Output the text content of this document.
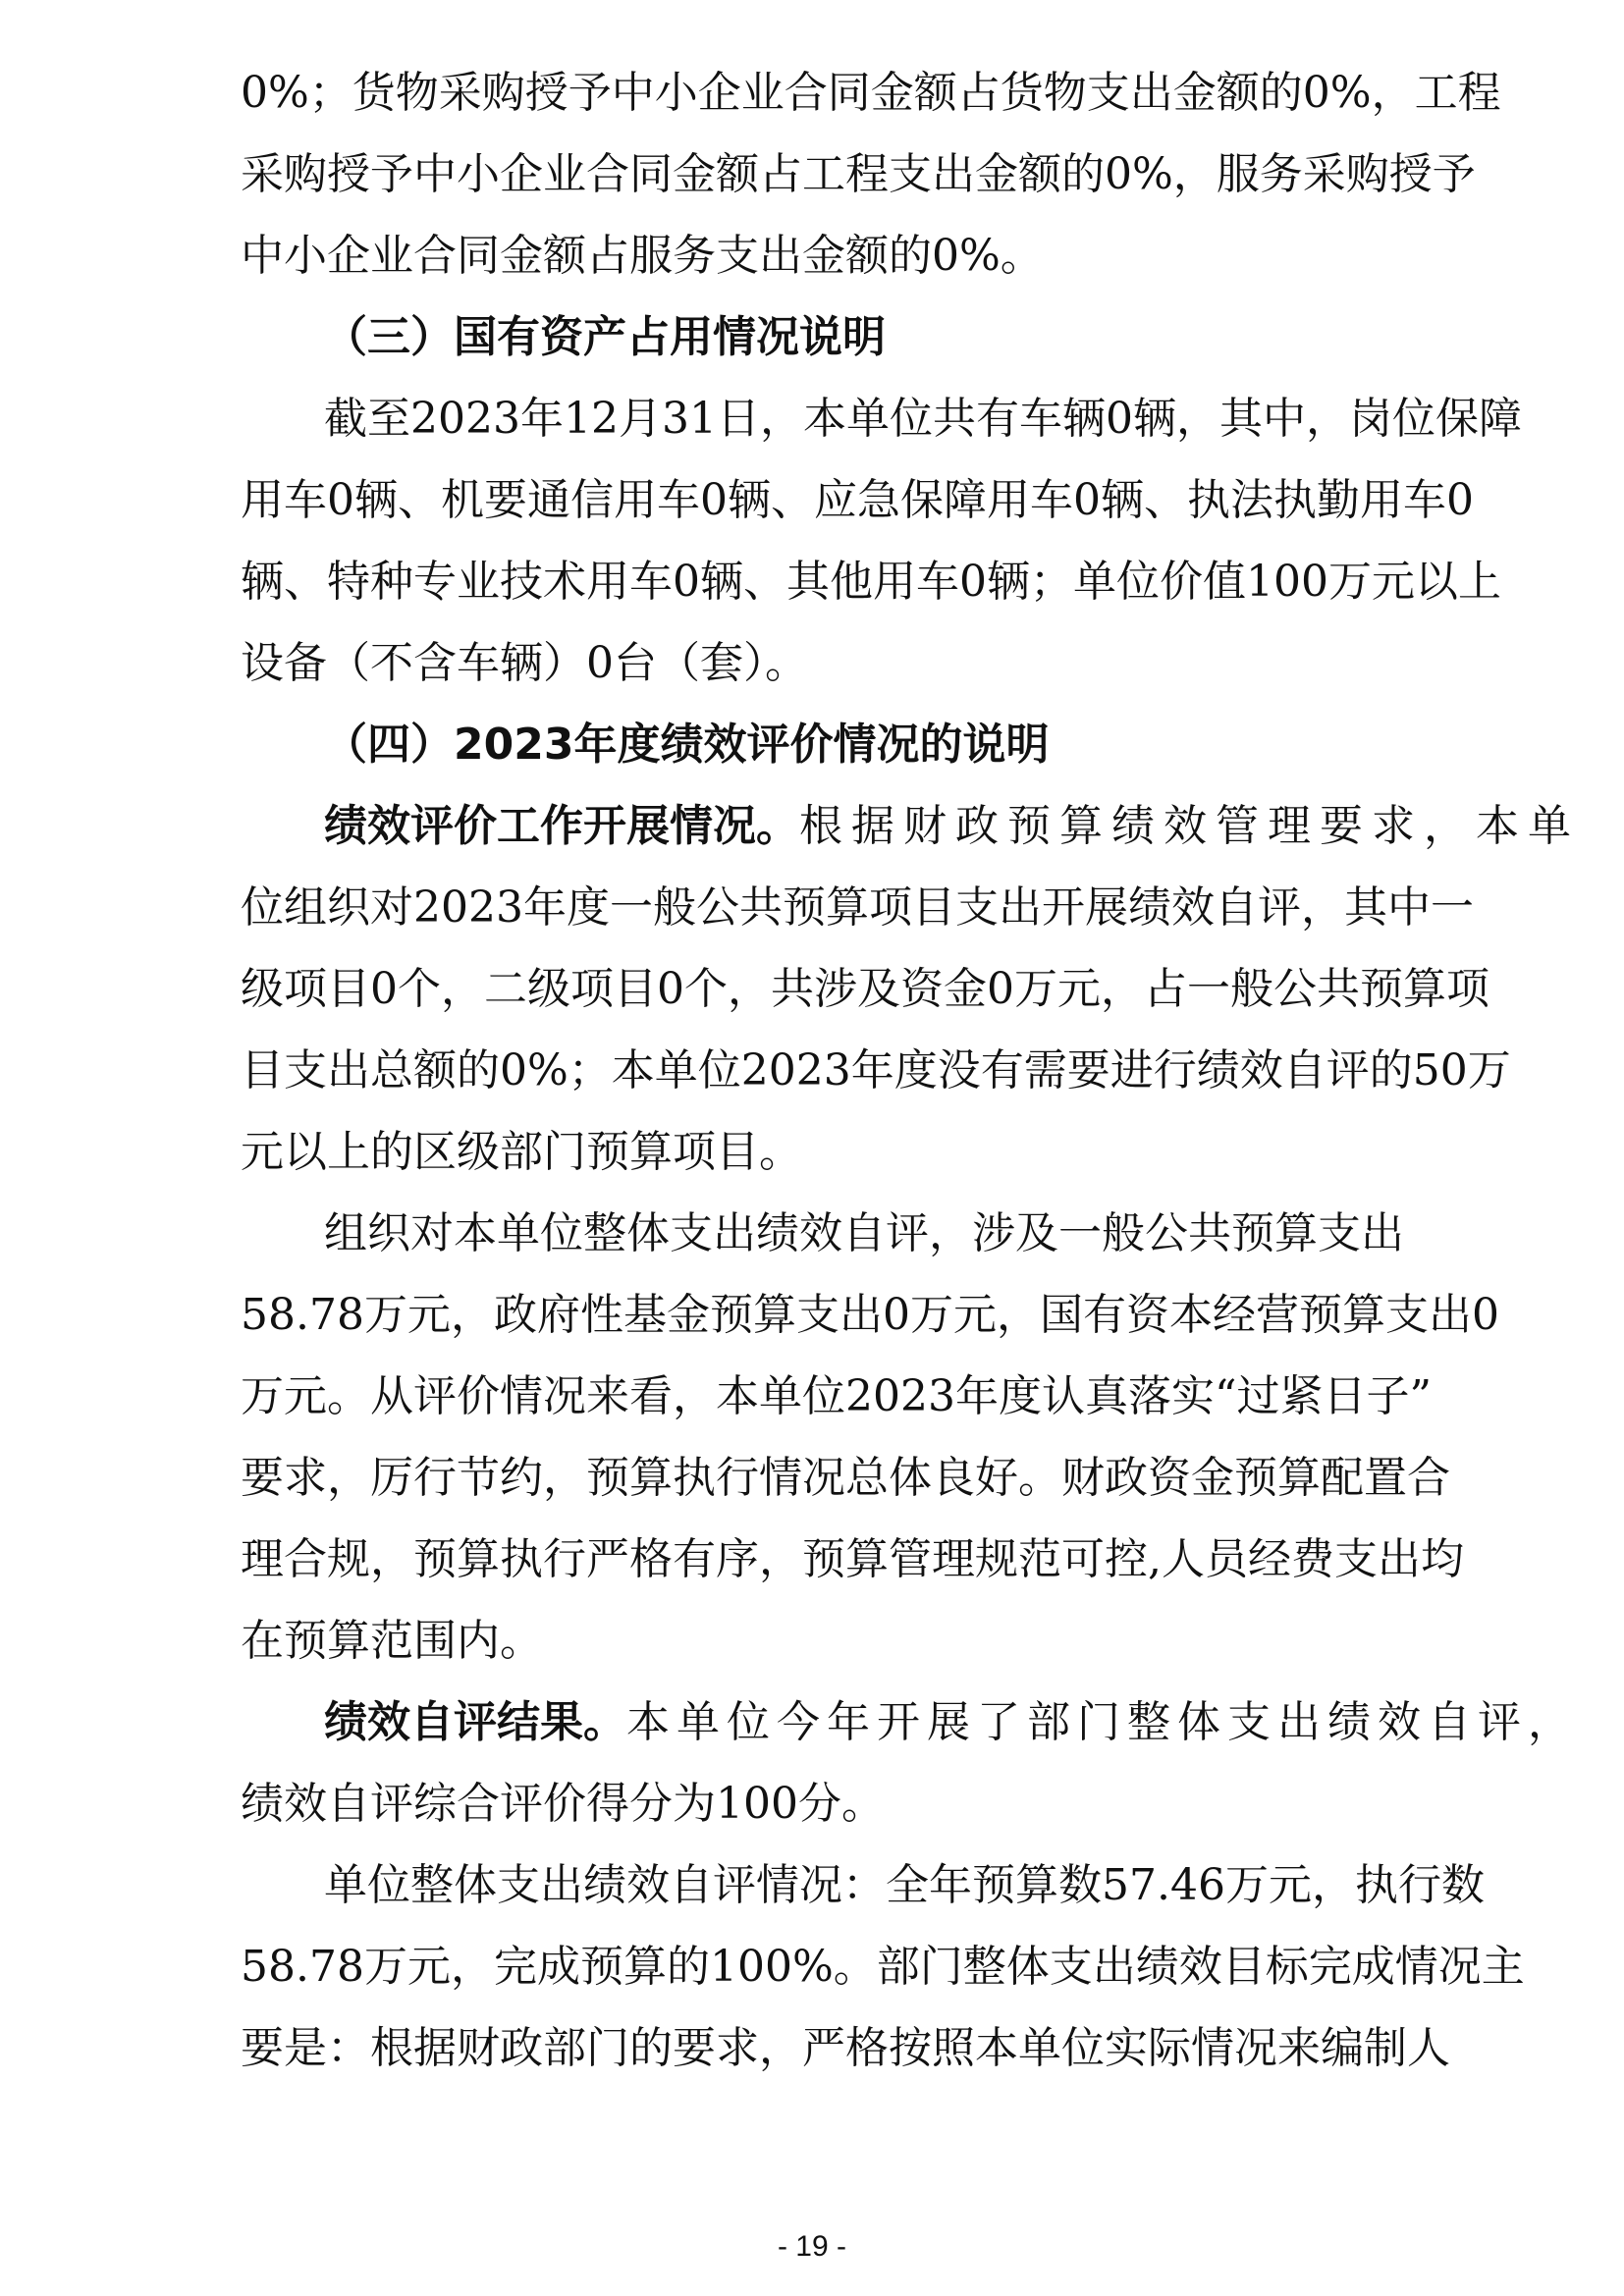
0%；货物采购授予中小企业合同金额占货物支出金额的0%，工程
采购授予中小企业合同金额占工程支出金额的0%，服务采购授予
中小企业合同金额占服务支出金额的0%。
（三）国有资产占用情况说明
截至2023年12月31日，本单位共有车辆0辆，其中，岗位保障
用车0辆、机要通信用车0辆、应急保障用车0辆、执法执勤用车0
辆、特种专业技术用车0辆、其他用车0辆；单位价值100万元以上
设备（不含车辆）0台（套）。
（四）2023年度绩效评价情况的说明
绩效评价工作开展情况。 根据财政预算绩效管理要求，本单
位组织对2023年度一般公共预算项目支出开展绩效自评，其中一
级项目0个，二级项目0个，共涉及资金0万元，占一般公共预算项
目支出总额的0%；本单位2023年度没有需要进行绩效自评的50万
元以上的区级部门预算项目。
组织对本单位整体支出绩效自评，涉及一般公共预算支出
58.78万元，政府性基金预算支出0万元，国有资本经营预算支出0
万元。从评价情况来看，本单位2023年度认真落实“过紧日子”
要求，厉行节约，预算执行情况总体良好。财政资金预算配置合
理合规，预算执行严格有序，预算管理规范可控,人员经费支出均
在预算范围内。
绩效自评结果。 本单位今年开展了部门整体支出绩效自评，
绩效自评综合评价得分为100分。
单位整体支出绩效自评情况：全年预算数57.46万元，执行数
58.78万元，完成预算的100%。部门整体支出绩效目标完成情况主
要是：根据财政部门的要求，严格按照本单位实际情况来编制人
- 19 -
